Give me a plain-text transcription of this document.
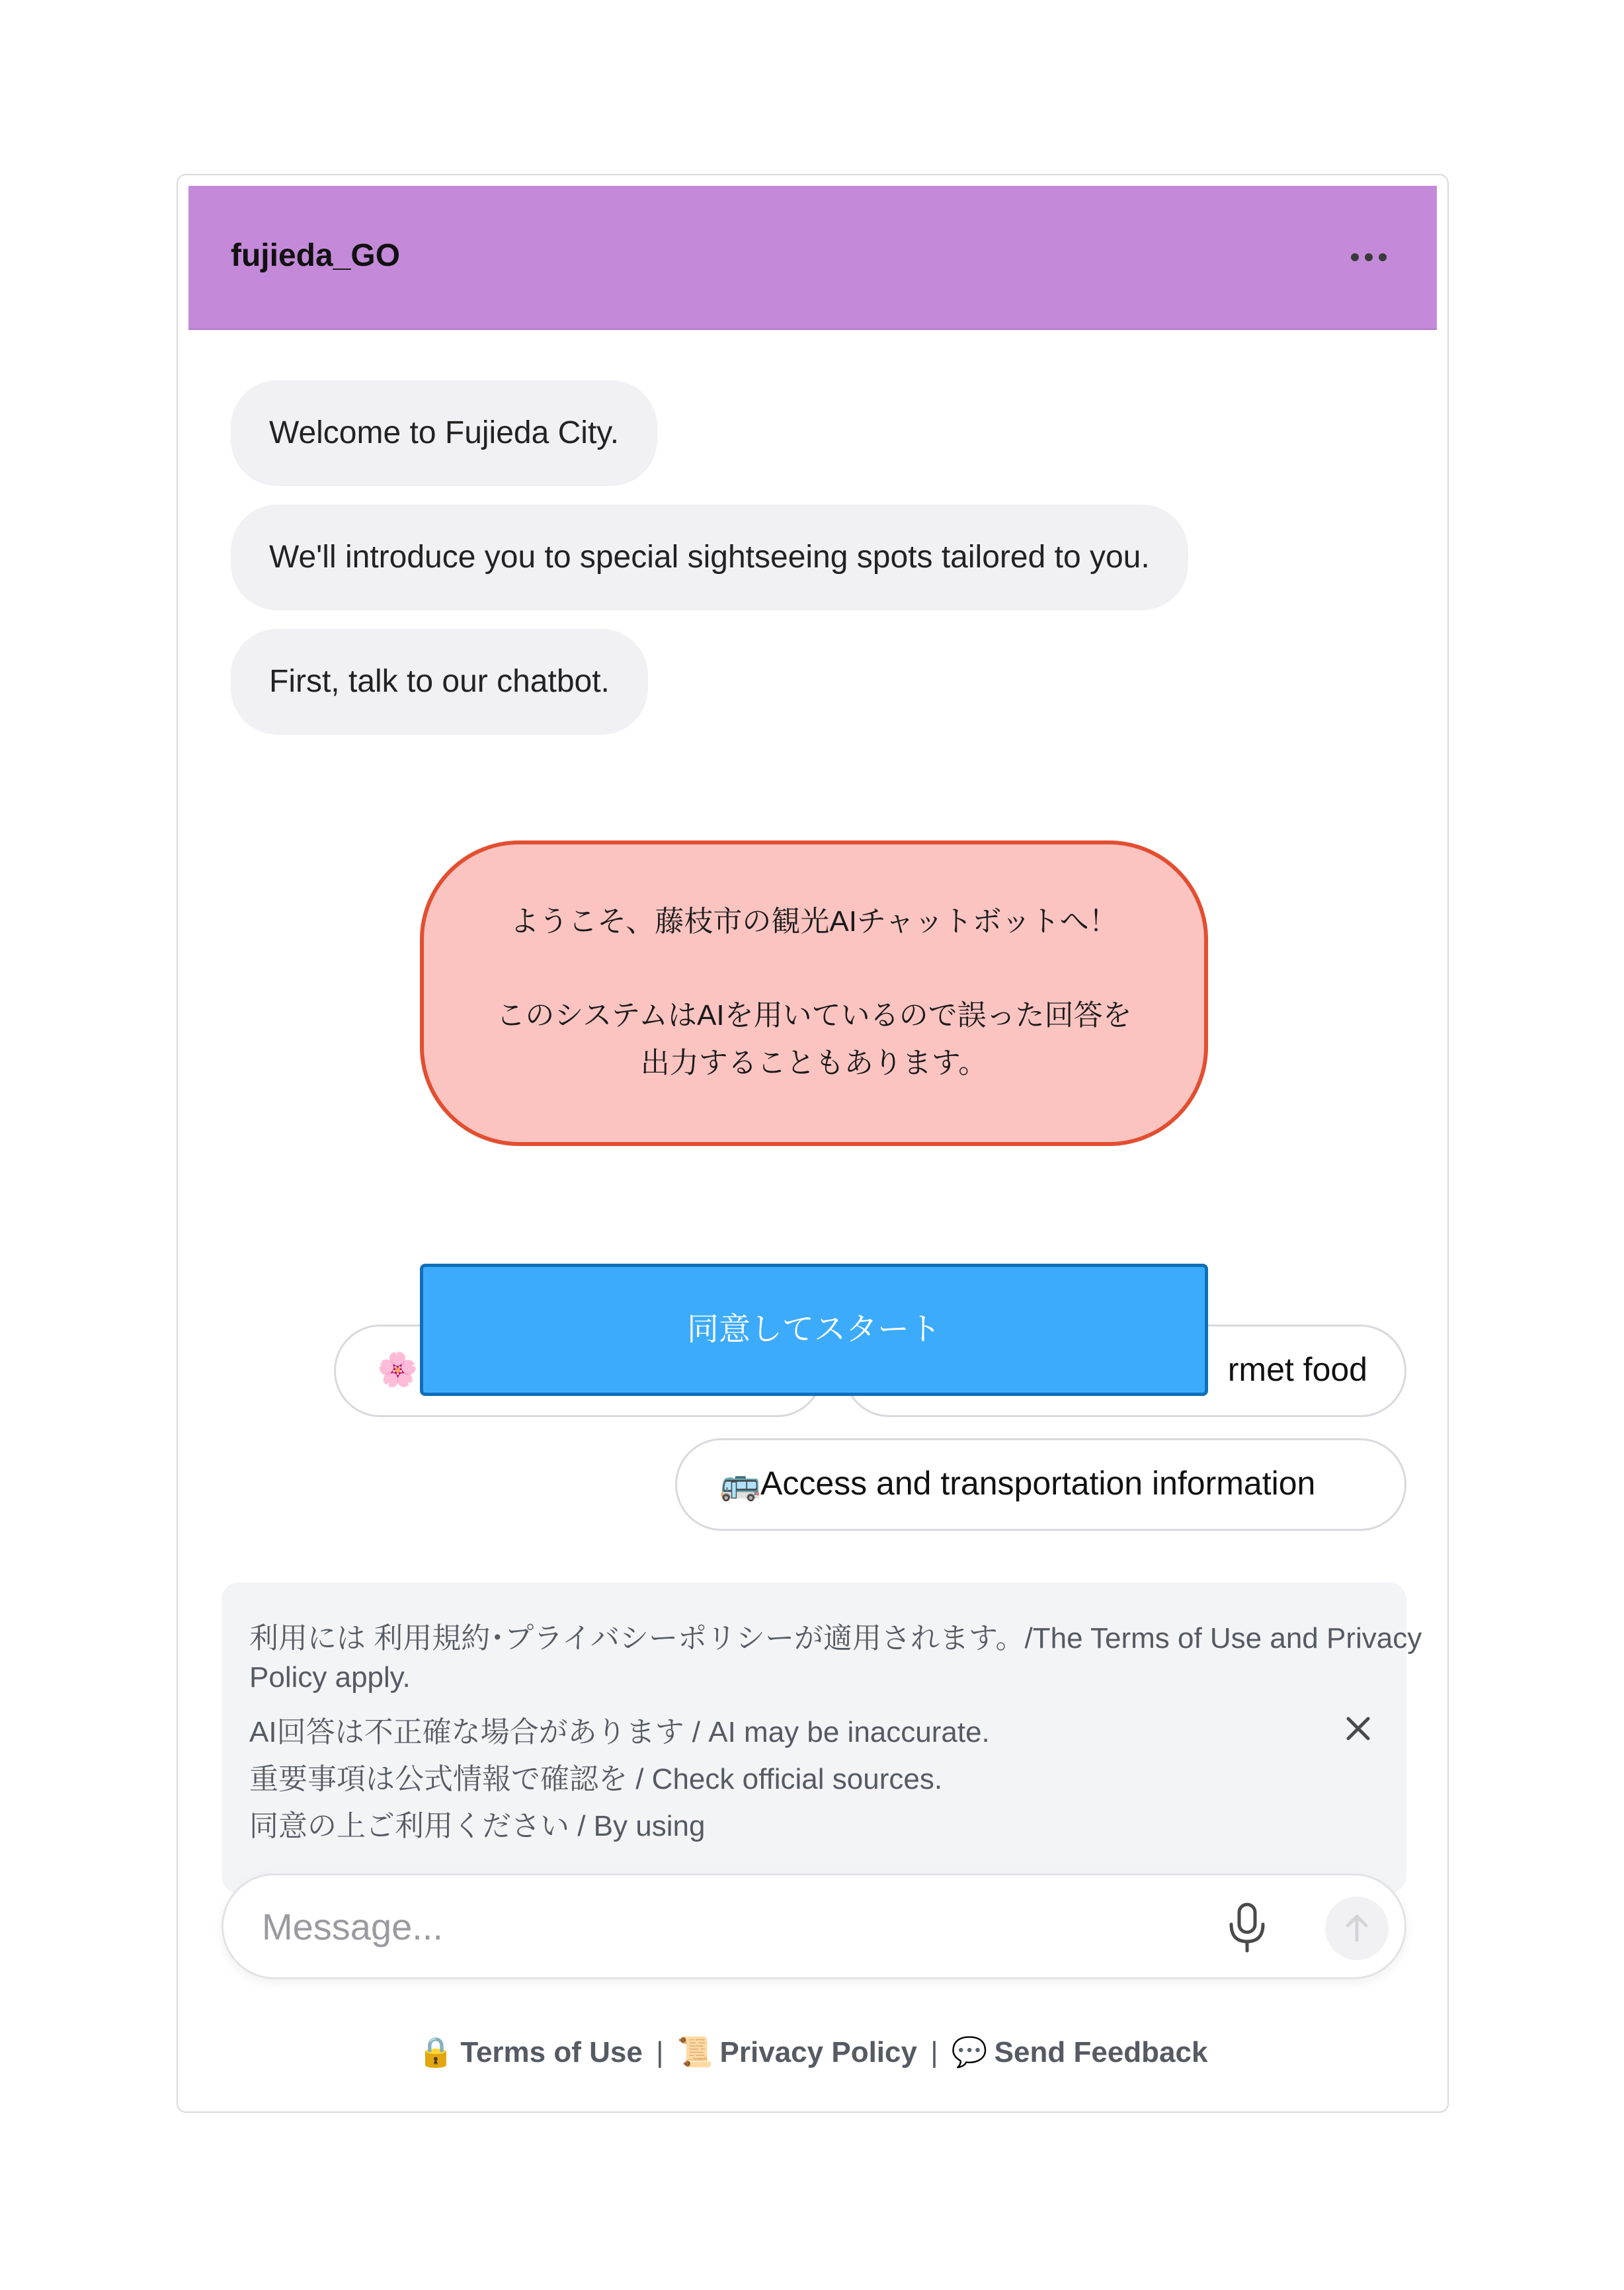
fujieda_GO
Welcome to Fujieda City.
We'll introduce you to special sightseeing spots tailored to you.
First, talk to our chatbot.
ようこそ、藤枝市の観光AIチャットボットへ！
このシステムはAIを用いているので誤った回答を
出力することもあります。
🌸	rmet food
🚌 Access and transportation information
同意してスタート
利用には 利用規約･プライバシーポリシーが適用されます。/The Terms of Use and Privacy
Policy apply.
AI回答は不正確な場合があります / AI may be inaccurate.
重要事項は公式情報で確認を / Check official sources.
同意の上ご利用ください / By using
Message...
🔒 Terms of Use | 📜 Privacy Policy | 💬 Send Feedback
